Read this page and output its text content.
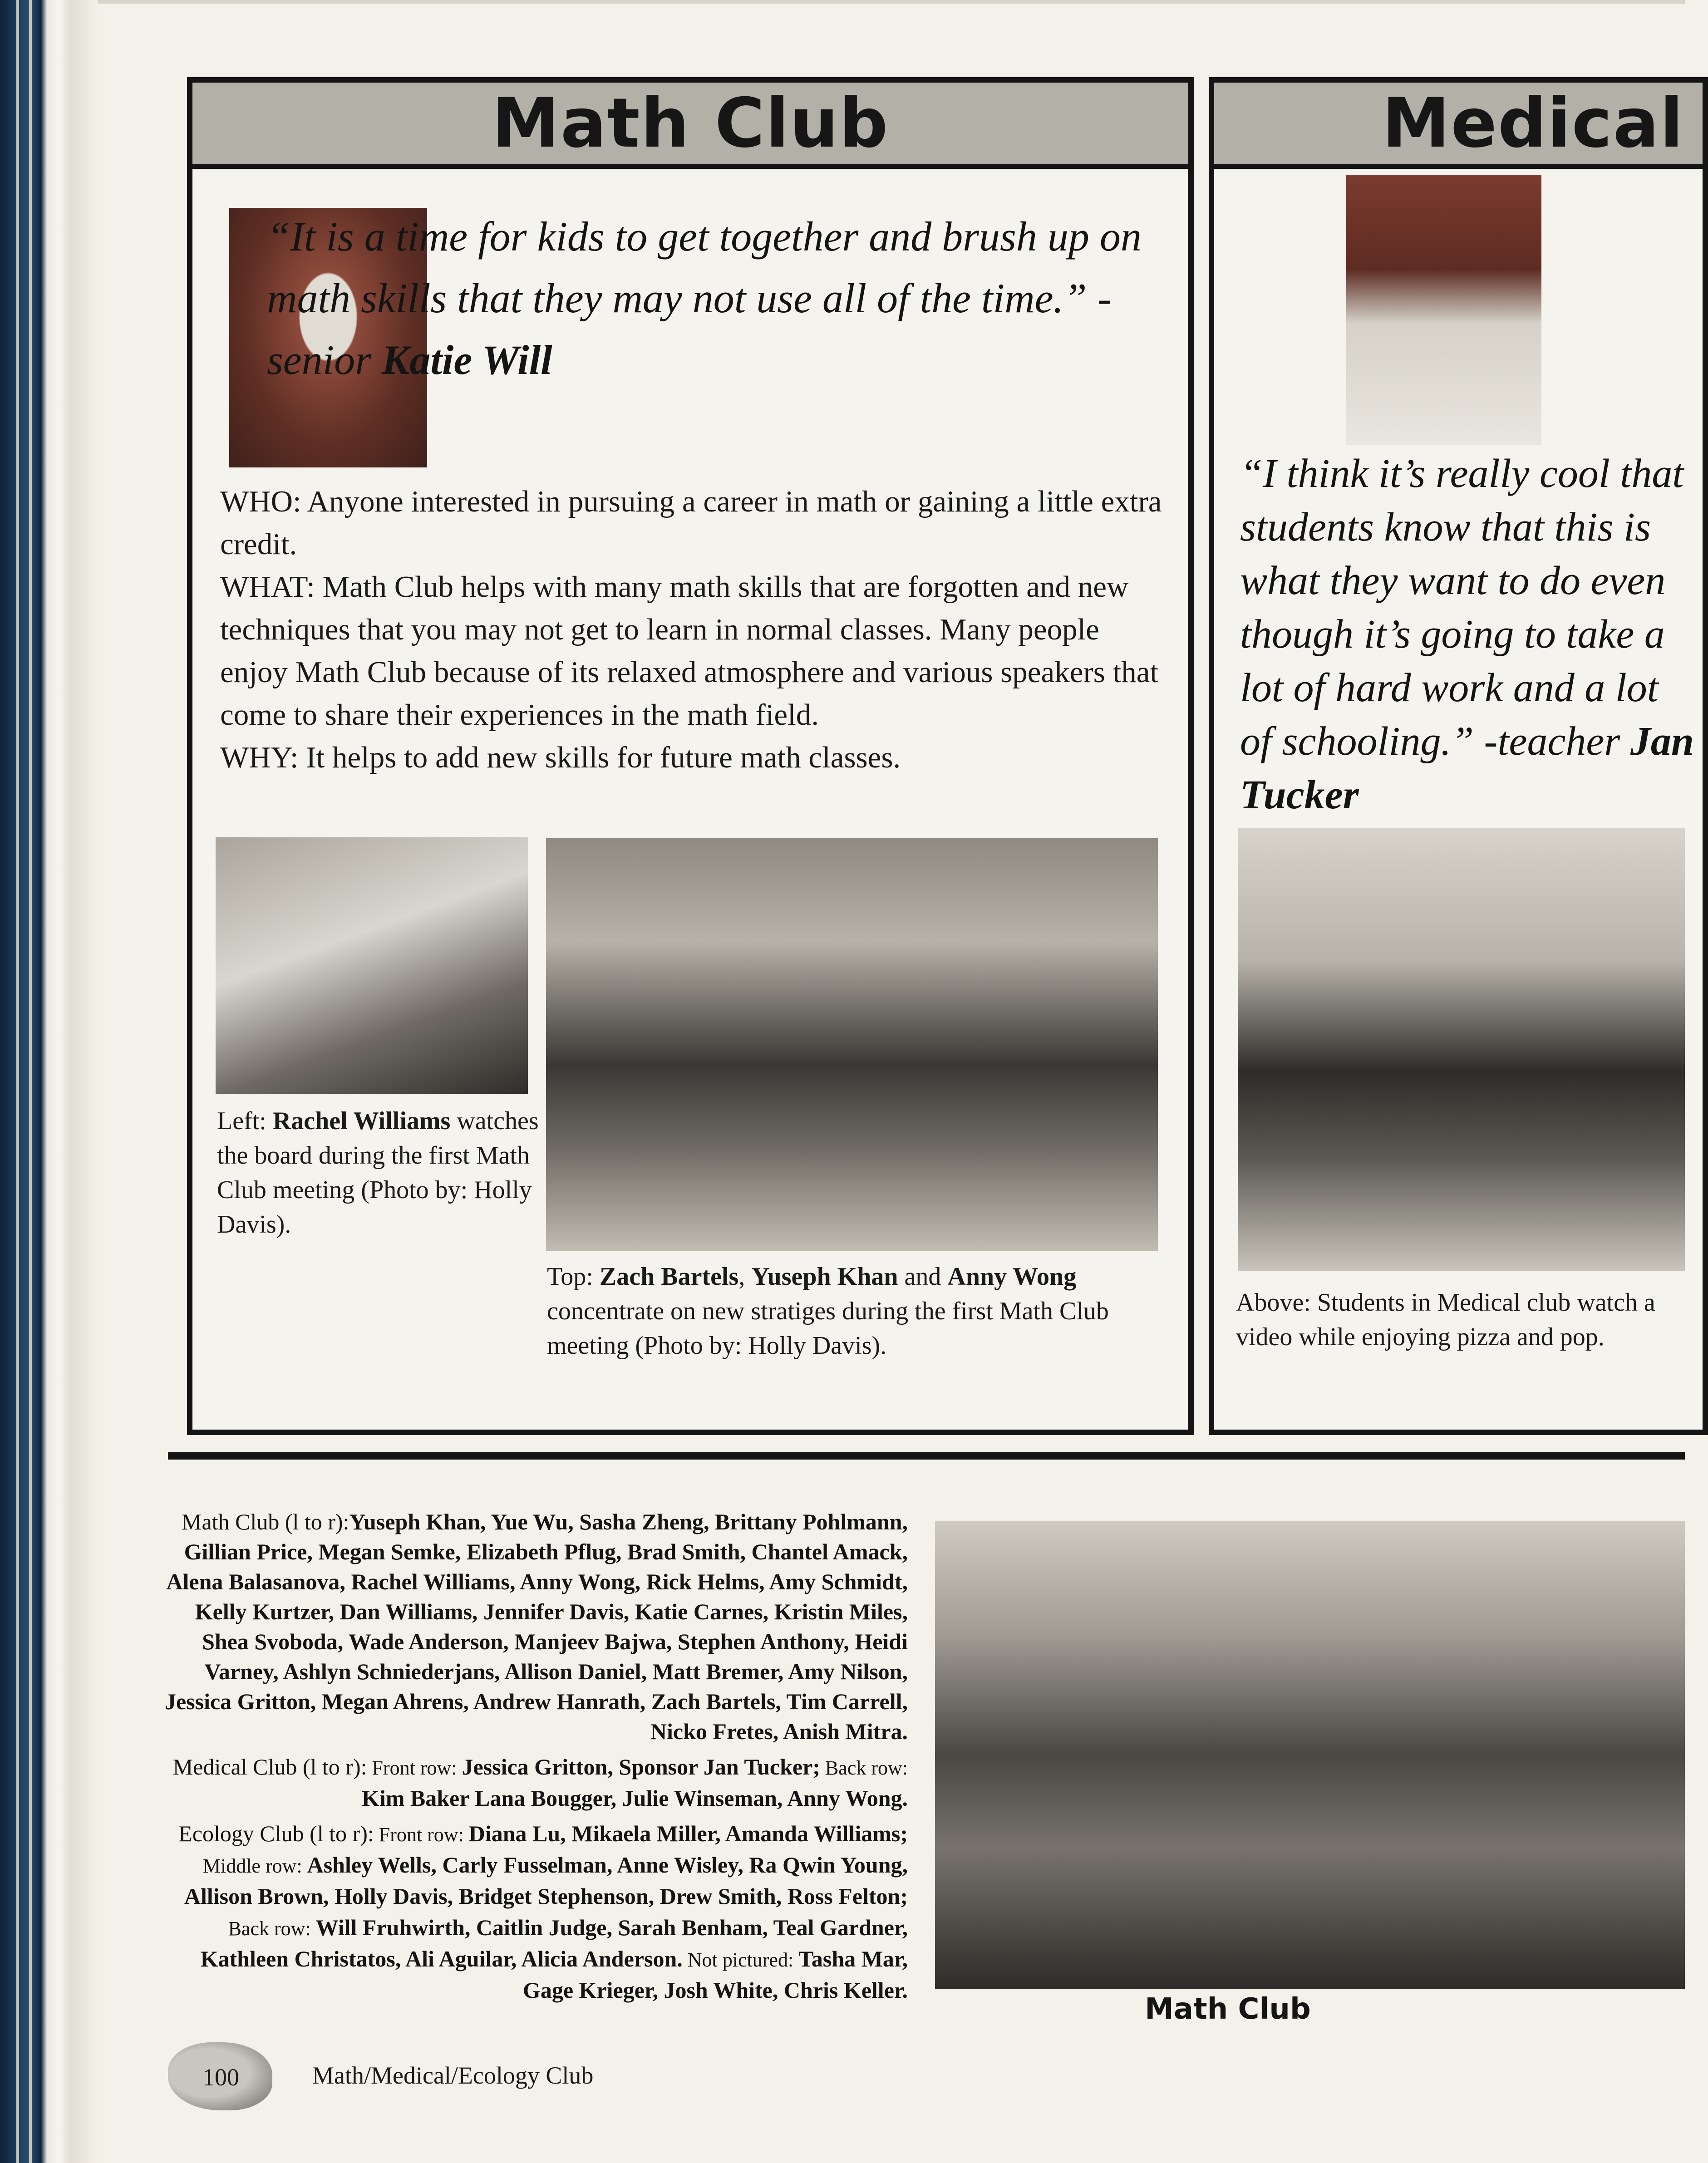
Math Club	Medical
“It is a time for kids to get together and brush up on math skills that they may not use all of the time.” -senior Katie Will

WHO: Anyone interested in pursuing a career in math or gaining a little extra credit.

WHAT: Math Club helps with many math skills that are forgotten and new techniques that you may not get to learn in normal classes. Many people enjoy Math Club because of its relaxed atmosphere and various speakers that come to share their experiences in the math field.

WHY: It helps to add new skills for future math classes.

Left: Rachel Williams watches the board during the first Math Club meeting (Photo by: Holly Davis).
Top: Zach Bartels, Yuseph Khan and Anny Wong concentrate on new stratiges during the first Math Club meeting (Photo by: Holly Davis).
“I think it’s really cool that students know that this is what they want to do even though it’s going to take a lot of hard work and a lot of schooling.” -teacher Jan Tucker
Above: Students in Medical club watch a video while enjoying pizza and pop.

Math Club (l to r):Yuseph Khan, Yue Wu, Sasha Zheng, Brittany Pohlmann, Gillian Price, Megan Semke, Elizabeth Pflug, Brad Smith, Chantel Amack, Alena Balasanova, Rachel Williams, Anny Wong, Rick Helms, Amy Schmidt, Kelly Kurtzer, Dan Williams, Jennifer Davis, Katie Carnes, Kristin Miles, Shea Svoboda, Wade Anderson, Manjeev Bajwa, Stephen Anthony, Heidi Varney, Ashlyn Schniederjans, Allison Daniel, Matt Bremer, Amy Nilson, Jessica Gritton, Megan Ahrens, Andrew Hanrath, Zach Bartels, Tim Carrell, Nicko Fretes, Anish Mitra.

Medical Club (l to r): Front row: Jessica Gritton, Sponsor Jan Tucker; Back row: Kim Baker Lana Bougger, Julie Winseman, Anny Wong.

Ecology Club (l to r): Front row: Diana Lu, Mikaela Miller, Amanda Williams; Middle row: Ashley Wells, Carly Fusselman, Anne Wisley, Ra Qwin Young, Allison Brown, Holly Davis, Bridget Stephenson, Drew Smith, Ross Felton; Back row: Will Fruhwirth, Caitlin Judge, Sarah Benham, Teal Gardner, Kathleen Christatos, Ali Aguilar, Alicia Anderson. Not pictured: Tasha Mar, Gage Krieger, Josh White, Chris Keller.

Math Club
100	Math/Medical/Ecology Club
